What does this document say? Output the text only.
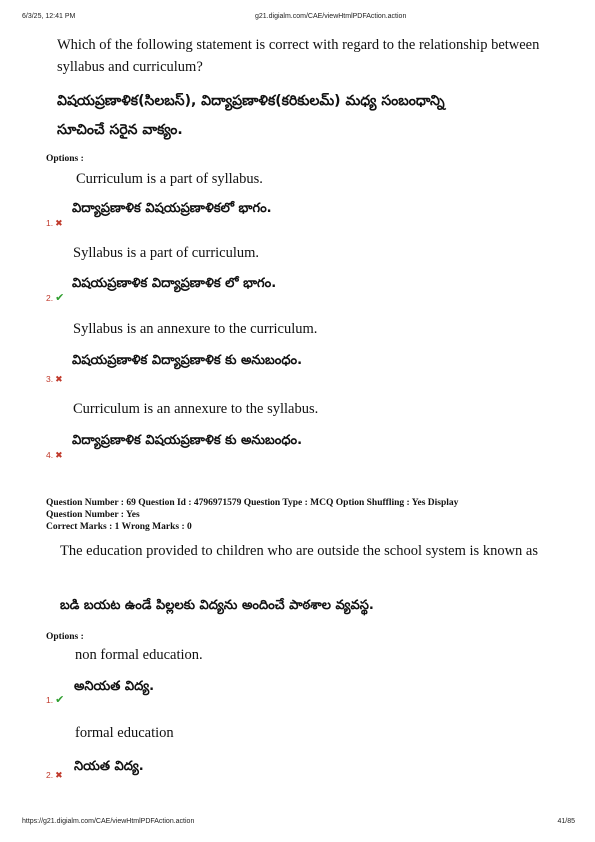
6/3/25, 12:41 PM	g21.digialm.com/CAE/viewHtmlPDFAction.action
Which of the following statement is correct with regard to the relationship between syllabus and curriculum?
విషయప్రణాళిక(సిలబస్), విద్యాప్రణాళిక(కరికులమ్) మధ్య సంబంధాన్ని
సూచించే సరైన వాక్యం.
Options :
Curriculum is a part of syllabus.
విద్యాప్రణాళిక విషయప్రణాళికలో భాగం.
1. ✖
Syllabus is a part of curriculum.
విషయప్రణాళిక విద్యాప్రణాళిక లో భాగం.
2. ✔
Syllabus is an annexure to the curriculum.
విషయప్రణాళిక విద్యాప్రణాళిక కు అనుబంధం.
3. ✖
Curriculum is an annexure to the syllabus.
విద్యాప్రణాళిక విషయప్రణాళిక కు అనుబంధం.
4. ✖
Question Number : 69 Question Id : 4796971579 Question Type : MCQ Option Shuffling : Yes Display
Question Number : Yes
Correct Marks : 1 Wrong Marks : 0
The education provided to children who are outside the school system is known as
బడి బయట ఉండే పిల్లలకు విద్యను అందించే పాఠశాల వ్యవస్థ.
Options :
non formal education.
అనియత విద్య.
1. ✔
formal education
నియత విద్య.
2. ✖
https://g21.digialm.com/CAE/viewHtmlPDFAction.action	41/85
